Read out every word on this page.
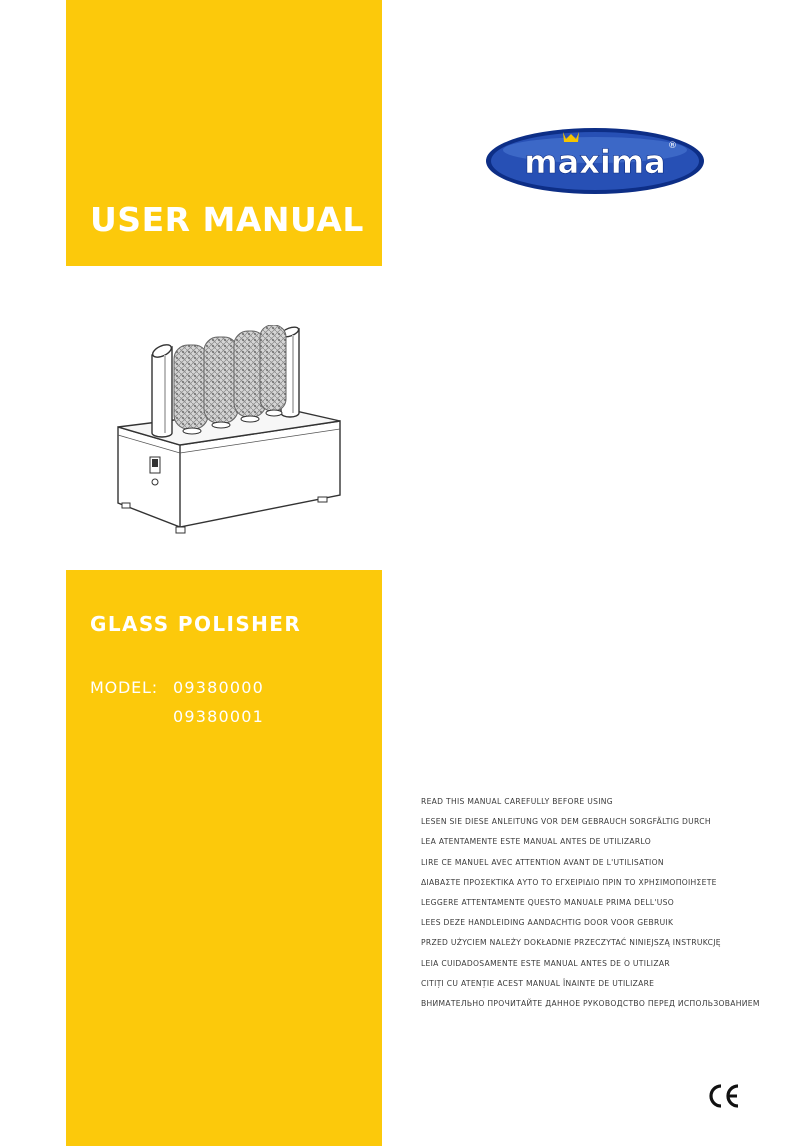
USER MANUAL
maxima ®
GLASS POLISHER
MODEL: 09380000
09380001
READ THIS MANUAL CAREFULLY BEFORE USING
LESEN SIE DIESE ANLEITUNG VOR DEM GEBRAUCH SORGFÄLTIG DURCH
LEA ATENTAMENTE ESTE MANUAL ANTES DE UTILIZARLO
LIRE CE MANUEL AVEC ATTENTION AVANT DE L'UTILISATION
ΔΙΑΒΑΣΤΕ ΠΡΟΣΕΚΤΙΚΑ ΑΥΤΟ ΤΟ ΕΓΧΕΙΡΙΔΙΟ ΠΡΙΝ ΤΟ ΧΡΗΣΙΜΟΠΟΙΗΣΕΤΕ
LEGGERE ATTENTAMENTE QUESTO MANUALE PRIMA DELL'USO
LEES DEZE HANDLEIDING AANDACHTIG DOOR VOOR GEBRUIK
PRZED UŻYCIEM NALEŻY DOKŁADNIE PRZECZYTAĆ NINIEJSZĄ INSTRUKCJĘ
LEIA CUIDADOSAMENTE ESTE MANUAL ANTES DE O UTILIZAR
CITIȚI CU ATENȚIE ACEST MANUAL ÎNAINTE DE UTILIZARE
ВНИМАТЕЛЬНО ПРОЧИТАЙТЕ ДАННОЕ РУКОВОДСТВО ПЕРЕД ИСПОЛЬЗОВАНИЕМ
